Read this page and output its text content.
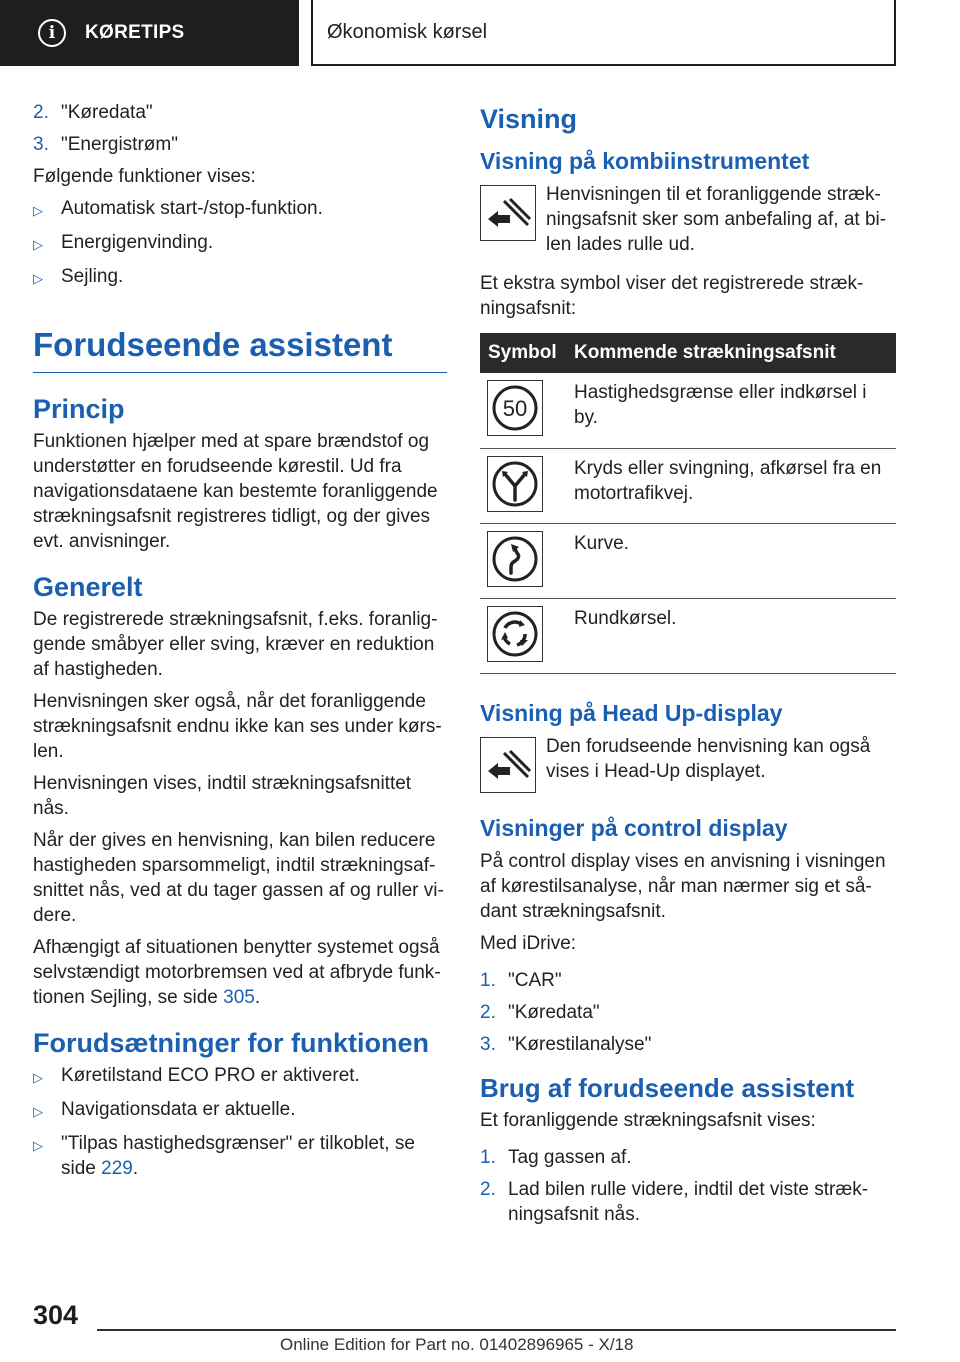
i	KØRETIPS	Økonomisk kørsel
2. "Køredata"
3. "Energistrøm"

Følgende funktioner vises:

▷ Automatisk start-/stop-funktion.
▷ Energigenvinding.
▷ Sejling.
Forudseende assistent
Princip

Funktionen hjælper med at spare brændstof og understøtter en forudseende kørestil. Ud fra navigationsdataene kan bestemte foranliggende strækningsafsnit registreres tidligt, og der gives evt. anvisninger.

Generelt

De registrerede strækningsafsnit, f.eks. foranliggende småbyer eller sving, kræver en reduktion af hastigheden.

Henvisningen sker også, når det foranliggende strækningsafsnit endnu ikke kan ses under kørslen.

Henvisningen vises, indtil strækningsafsnittet nås.

Når der gives en henvisning, kan bilen reducere hastigheden sparsommeligt, indtil strækningsafsnittet nås, ved at du tager gassen af og ruller videre.

Afhængigt af situationen benytter systemet også selvstændigt motorbremsen ved at afbryde funktionen Sejling, se side 305.

Forudsætninger for funktionen
▷ Køretilstand ECO PRO er aktiveret.
▷ Navigationsdata er aktuelle.
▷ "Tilpas hastighedsgrænser" er tilkoblet, se side 229.
Visning
Visning på kombiinstrumentet
Henvisningen til et foranliggende strækningsafsnit sker som anbefaling af, at bilen lades rulle ud.

Et ekstra symbol viser det registrerede strækningsafsnit:

Symbol	Kommende strækningsafsnit

50	Hastighedsgrænse eller indkørsel i by.

	Kryds eller svingning, afkørsel fra en motortrafikvej.

	Kurve.

	Rundkørsel.
Visning på Head Up-display
Den forudseende henvisning kan også vises i Head-Up displayet.
Visninger på control display

På control display vises en anvisning i visningen af kørestilsanalyse, når man nærmer sig et sådant strækningsafsnit.

Med iDrive:

1. "CAR"
2. "Køredata"
3. "Kørestilanalyse"
Brug af forudseende assistent

Et foranliggende strækningsafsnit vises:

1. Tag gassen af.
2. Lad bilen rulle videre, indtil det viste strækningsafsnit nås.
304
Online Edition for Part no. 01402896965 - X/18
